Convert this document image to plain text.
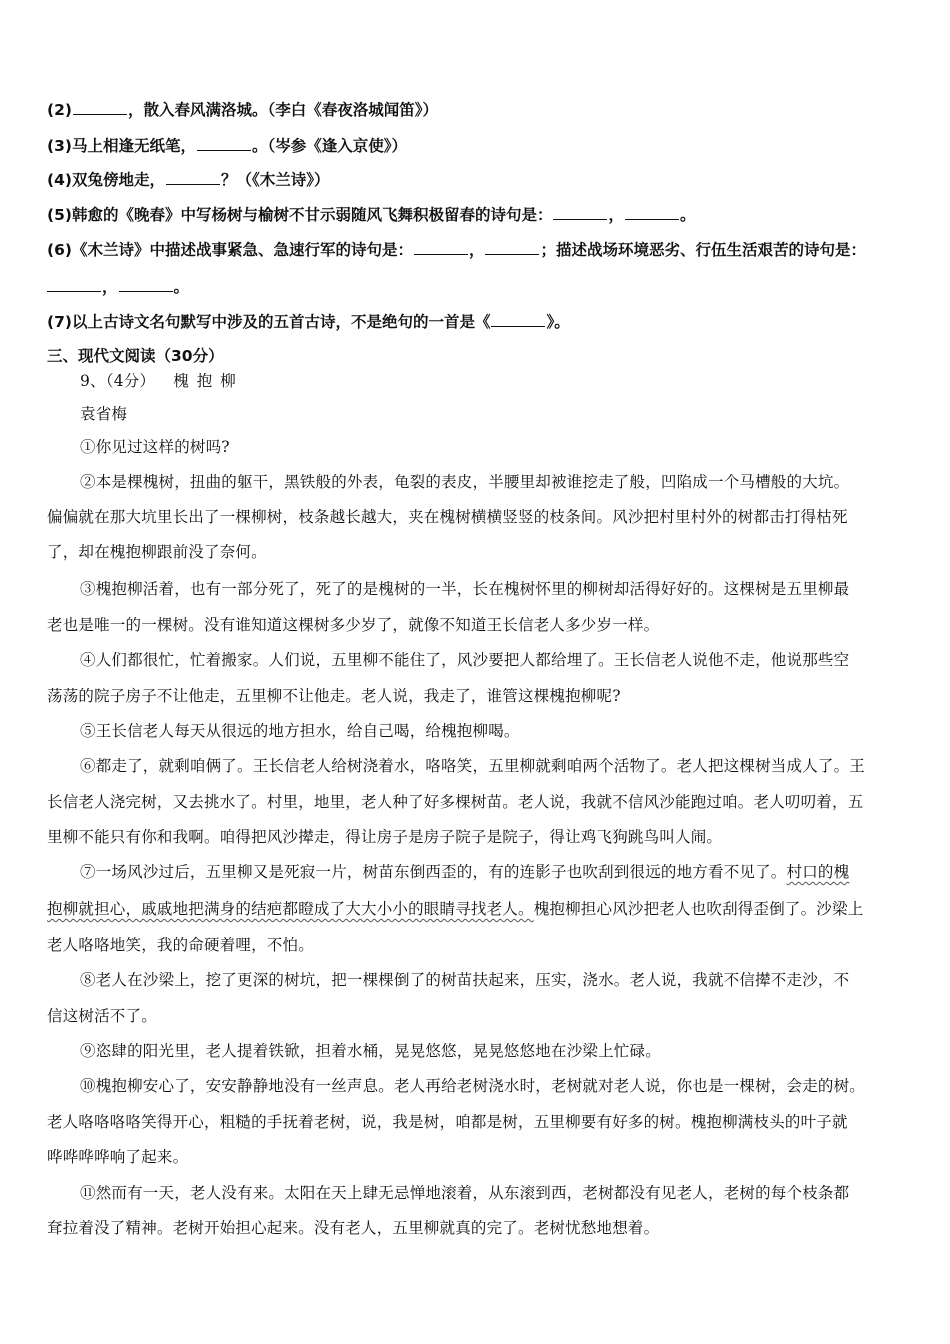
(2)	，散入春风满洛城。（李白《春夜洛城闻笛》）
(3)马上相逢无纸笔，	。（岑参《逢入京使》）
(4)双兔傍地走，	？（《木兰诗》）
(5)韩愈的《晚春》中写杨树与榆树不甘示弱随风飞舞积极留春的诗句是：	，	。
(6)《木兰诗》中描述战事紧急、急速行军的诗句是：	，	；描述战场环境恶劣、行伍生活艰苦的诗句是：
，	。
(7)以上古诗文名句默写中涉及的五首古诗，不是绝句的一首是《	》。
三、现代文阅读（30分）
9、（4分） 槐抱柳
袁省梅
①你见过这样的树吗?
②本是棵槐树，扭曲的躯干，黑铁般的外表，龟裂的表皮，半腰里却被谁挖走了般，凹陷成一个马槽般的大坑。
偏偏就在那大坑里长出了一棵柳树，枝条越长越大，夹在槐树横横竖竖的枝条间。风沙把村里村外的树都击打得枯死
了，却在槐抱柳跟前没了奈何。
③槐抱柳活着，也有一部分死了，死了的是槐树的一半，长在槐树怀里的柳树却活得好好的。这棵树是五里柳最
老也是唯一的一棵树。没有谁知道这棵树多少岁了，就像不知道王长信老人多少岁一样。
④人们都很忙，忙着搬家。人们说，五里柳不能住了，风沙要把人都给埋了。王长信老人说他不走，他说那些空
荡荡的院子房子不让他走，五里柳不让他走。老人说，我走了，谁管这棵槐抱柳呢?
⑤王长信老人每天从很远的地方担水，给自己喝，给槐抱柳喝。
⑥都走了，就剩咱俩了。王长信老人给树浇着水，咯咯笑，五里柳就剩咱两个活物了。老人把这棵树当成人了。王
长信老人浇完树，又去挑水了。村里，地里，老人种了好多棵树苗。老人说，我就不信风沙能跑过咱。老人叨叨着，五
里柳不能只有你和我啊。咱得把风沙撵走，得让房子是房子院子是院子，得让鸡飞狗跳鸟叫人闹。
⑦一场风沙过后，五里柳又是死寂一片，树苗东倒西歪的，有的连影子也吹刮到很远的地方看不见了。村口的槐
抱柳就担心，戚戚地把满身的结疤都瞪成了大大小小的眼睛寻找老人。槐抱柳担心风沙把老人也吹刮得歪倒了。沙梁上
老人咯咯地笑，我的命硬着哩，不怕。
⑧老人在沙梁上，挖了更深的树坑，把一棵棵倒了的树苗扶起来，压实，浇水。老人说，我就不信撵不走沙，不
信这树活不了。
⑨恣肆的阳光里，老人提着铁锨，担着水桶，晃晃悠悠，晃晃悠悠地在沙梁上忙碌。
⑩槐抱柳安心了，安安静静地没有一丝声息。老人再给老树浇水时，老树就对老人说，你也是一棵树，会走的树。
老人咯咯咯咯笑得开心，粗糙的手抚着老树，说，我是树，咱都是树，五里柳要有好多的树。槐抱柳满枝头的叶子就
哗哗哗哗响了起来。
⑪然而有一天，老人没有来。太阳在天上肆无忌惮地滚着，从东滚到西，老树都没有见老人，老树的每个枝条都
耷拉着没了精神。老树开始担心起来。没有老人，五里柳就真的完了。老树忧愁地想着。
